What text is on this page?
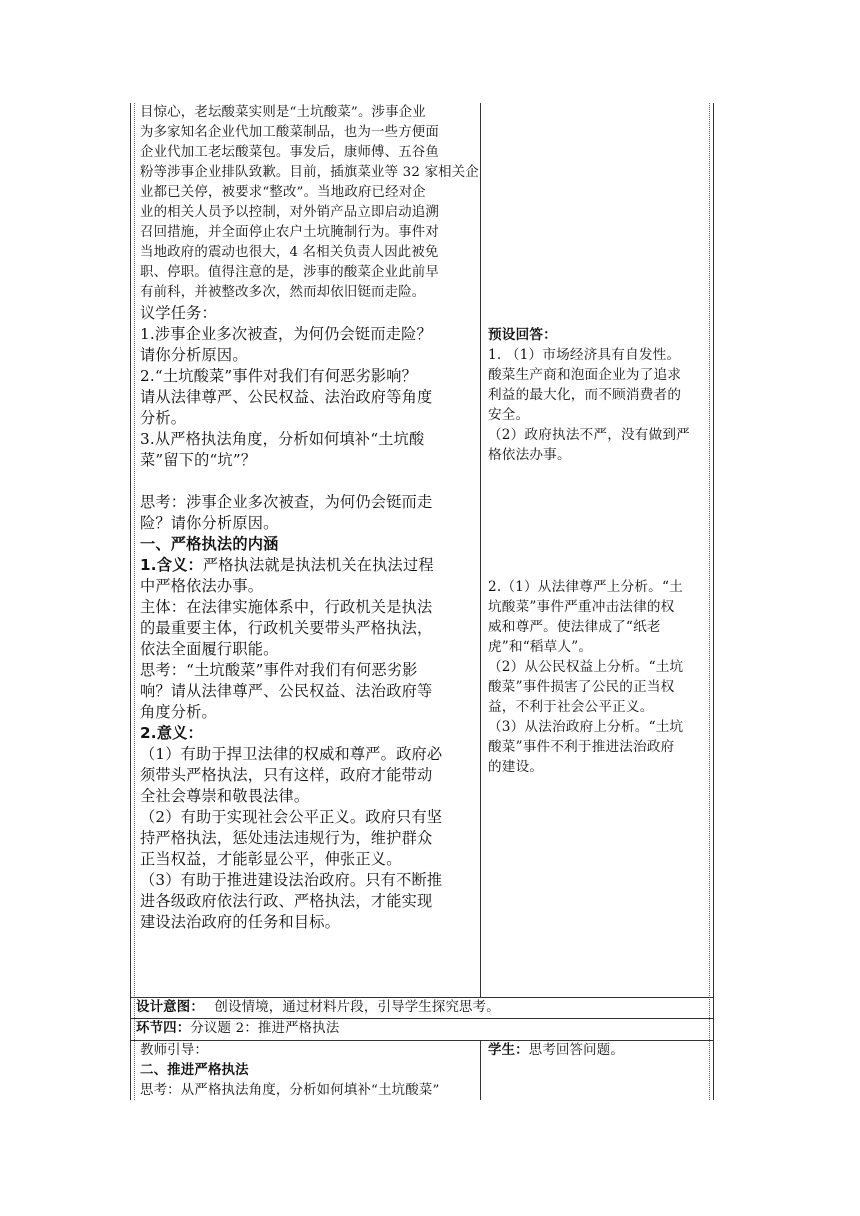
目惊心，老坛酸菜实则是“土坑酸菜”。涉事企业
为多家知名企业代加工酸菜制品，也为一些方便面
企业代加工老坛酸菜包。事发后，康师傅、五谷鱼
粉等涉事企业排队致歉。目前，插旗菜业等 32 家相关企
业都已关停，被要求“整改”。当地政府已经对企
业的相关人员予以控制，对外销产品立即启动追溯
召回措施，并全面停止农户土坑腌制行为。事件对
当地政府的震动也很大，4 名相关负责人因此被免
职、停职。值得注意的是，涉事的酸菜企业此前早
有前科，并被整改多次，然而却依旧铤而走险。
议学任务：
1.涉事企业多次被查，为何仍会铤而走险？
请你分析原因。
2.“土坑酸菜”事件对我们有何恶劣影响？
请从法律尊严、公民权益、法治政府等角度
分析。
3.从严格执法角度，分析如何填补“土坑酸
菜”留下的“坑”？

思考：涉事企业多次被查，为何仍会铤而走
险？请你分析原因。
一、严格执法的内涵
1.含义：严格执法就是执法机关在执法过程
中严格依法办事。
主体：在法律实施体系中，行政机关是执法
的最重要主体，行政机关要带头严格执法，
依法全面履行职能。
思考：“土坑酸菜”事件对我们有何恶劣影
响？请从法律尊严、公民权益、法治政府等
角度分析。
2.意义：
（1）有助于捍卫法律的权威和尊严。政府必
须带头严格执法，只有这样，政府才能带动
全社会尊崇和敬畏法律。
（2）有助于实现社会公平正义。政府只有坚
持严格执法，惩处违法违规行为，维护群众
正当权益，才能彰显公平，伸张正义。
（3）有助于推进建设法治政府。只有不断推
进各级政府依法行政、严格执法，才能实现
建设法治政府的任务和目标。
预设回答：
1. （1）市场经济具有自发性。
酸菜生产商和泡面企业为了追求
利益的最大化，而不顾消费者的
安全。
（2）政府执法不严，没有做到严
格依法办事。
2.（1）从法律尊严上分析。“土
坑酸菜”事件严重冲击法律的权
威和尊严。使法律成了“纸老
虎”和“稻草人”。
（2）从公民权益上分析。“土坑
酸菜”事件损害了公民的正当权
益，不利于社会公平正义。
（3）从法治政府上分析。“土坑
酸菜”事件不利于推进法治政府
的建设。
设计意图： 创设情境，通过材料片段，引导学生探究思考。
环节四：分议题 2：推进严格执法
教师引导：
二、推进严格执法
思考：从严格执法角度，分析如何填补“土坑酸菜”
学生：思考回答问题。
